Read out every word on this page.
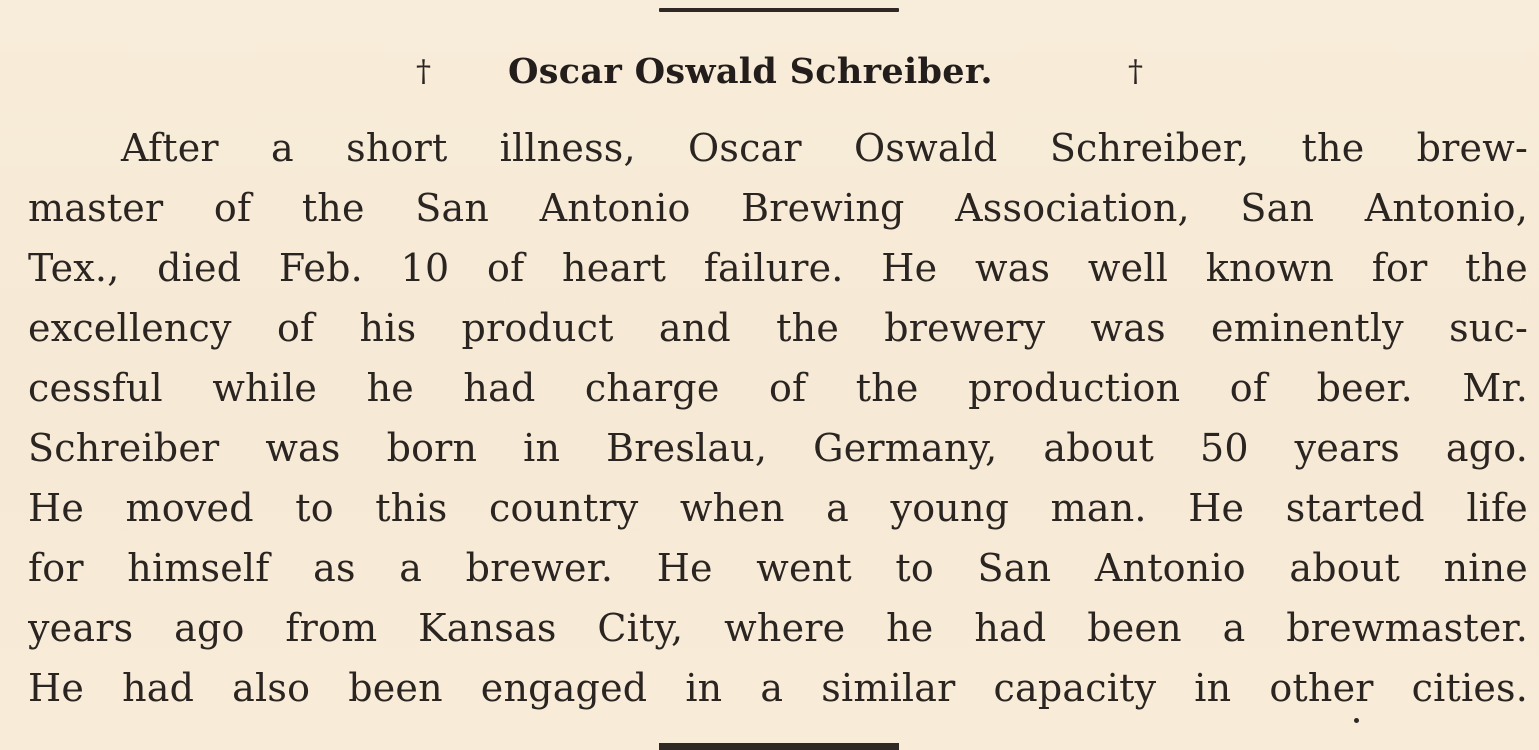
† Oscar Oswald Schreiber.	†
After a short illness, Oscar Oswald Schreiber, the brew-
master of the San Antonio Brewing Association, San Antonio,
Tex., died Feb. 10 of heart failure. He was well known for the
excellency of his product and the brewery was eminently suc-
cessful while he had charge of the production of beer. Mr.
Schreiber was born in Breslau, Germany, about 50 years ago.
He moved to this country when a young man. He started life
for himself as a brewer. He went to San Antonio about nine
years ago from Kansas City, where he had been a brewmaster.
He had also been engaged in a similar capacity in other cities.
